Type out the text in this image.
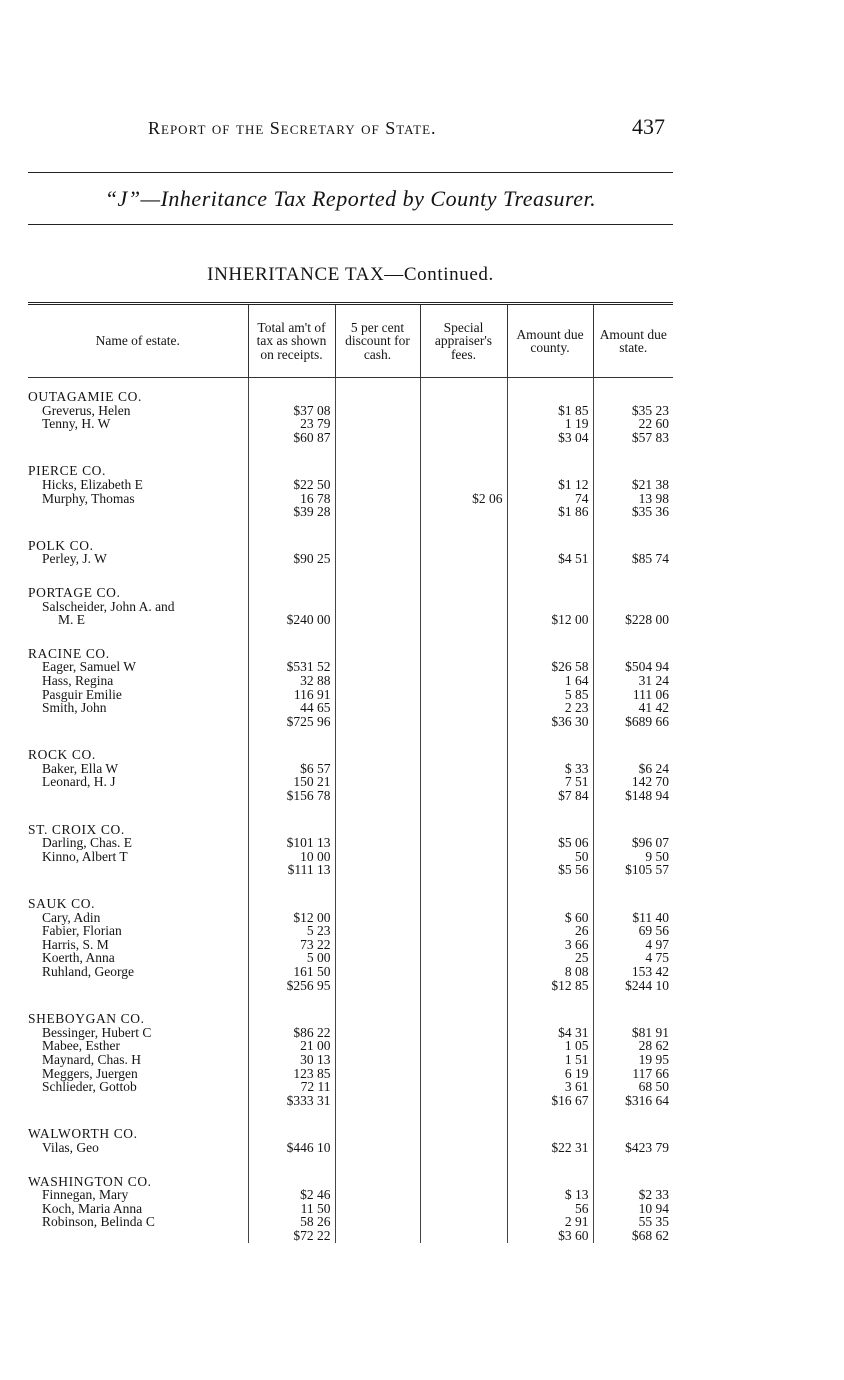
Report of the Secretary of State.	437
“J”—Inheritance Tax Reported by County Treasurer.
INHERITANCE TAX—Continued.
Name of estate.	Total am't of tax as shown on receipts.	5 per cent discount for cash.	Special appraiser's fees.	Amount due county.	Amount due state.

OUTAGAMIE CO.					
Greverus, Helen	$37 08			$1 85	$35 23
Tenny, H. W	23 79			1 19	22 60
	$60 87			$3 04	$57 83

PIERCE CO.					
Hicks, Elizabeth E	$22 50			$1 12	$21 38
Murphy, Thomas	16 78		$2 06	74	13 98
	$39 28			$1 86	$35 36

POLK CO.					
Perley, J. W	$90 25			$4 51	$85 74

PORTAGE CO.					
Salscheider, John A. and					
M. E	$240 00			$12 00	$228 00

RACINE CO.					
Eager, Samuel W	$531 52			$26 58	$504 94
Hass, Regina	32 88			1 64	31 24
Pasguir Emilie	116 91			5 85	111 06
Smith, John	44 65			2 23	41 42
	$725 96			$36 30	$689 66

ROCK CO.					
Baker, Ella W	$6 57			$ 33	$6 24
Leonard, H. J	150 21			7 51	142 70
	$156 78			$7 84	$148 94

ST. CROIX CO.					
Darling, Chas. E	$101 13			$5 06	$96 07
Kinno, Albert T	10 00			50	9 50
	$111 13			$5 56	$105 57

SAUK CO.					
Cary, Adin	$12 00			$ 60	$11 40
Fabier, Florian	5 23			26	69 56
Harris, S. M	73 22			3 66	4 97
Koerth, Anna	5 00			25	4 75
Ruhland, George	161 50			8 08	153 42
	$256 95			$12 85	$244 10

SHEBOYGAN CO.					
Bessinger, Hubert C	$86 22			$4 31	$81 91
Mabee, Esther	21 00			1 05	28 62
Maynard, Chas. H	30 13			1 51	19 95
Meggers, Juergen	123 85			6 19	117 66
Schlieder, Gottob	72 11			3 61	68 50
	$333 31			$16 67	$316 64

WALWORTH CO.					
Vilas, Geo	$446 10			$22 31	$423 79

WASHINGTON CO.					
Finnegan, Mary	$2 46			$ 13	$2 33
Koch, Maria Anna	11 50			56	10 94
Robinson, Belinda C	58 26			2 91	55 35
	$72 22			$3 60	$68 62
